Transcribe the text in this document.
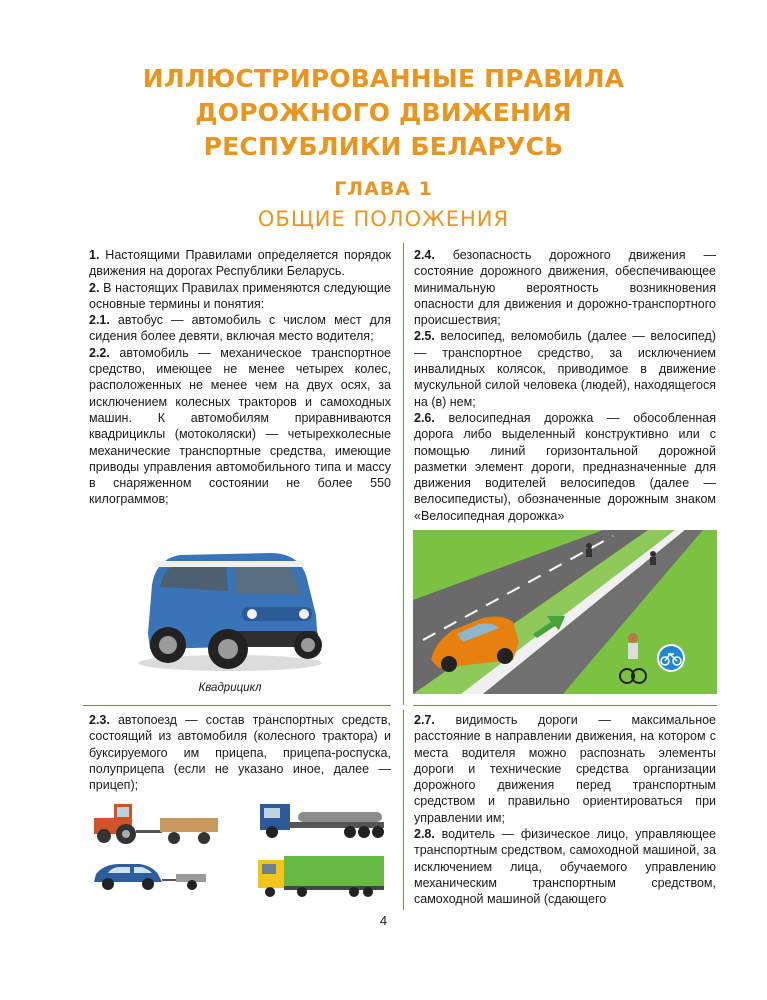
ИЛЛЮСТРИРОВАННЫЕ ПРАВИЛА
ДОРОЖНОГО ДВИЖЕНИЯ
РЕСПУБЛИКИ БЕЛАРУСЬ
ГЛАВА 1
ОБЩИЕ ПОЛОЖЕНИЯ

1. Настоящими Правилами определяется порядок движения на дорогах Республики Беларусь.

2. В настоящих Правилах применяются следующие основные термины и понятия:

2.1. автобус — автомобиль с числом мест для сидения более девяти, включая место водителя;

2.2. автомобиль — механическое транспортное средство, имеющее не менее четырех колес, расположенных не менее чем на двух осях, за исключением колесных тракторов и самоходных машин. К автомобилям приравниваются квадрициклы (мотоколяски) — четырехколесные механические транспортные средства, имеющие приводы управления автомобильного типа и массу в снаряженном состоянии не более 550 килограммов;

Квадрицикл

2.3. автопоезд — состав транспортных средств, состоящий из автомобиля (колесного трактора) и буксируемого им прицепа, прицепа-роспуска, полуприцепа (если не указано иное, далее — прицеп);

2.4. безопасность дорожного движения — состояние дорожного движения, обеспечивающее минимальную вероятность возникновения опасности для движения и дорожно-транспортного происшествия;

2.5. велосипед, веломобиль (далее — велосипед) — транспортное средство, за исключением инвалидных колясок, приводимое в движение мускульной силой человека (людей), находящегося на (в) нем;

2.6. велосипедная дорожка — обособленная дорога либо выделенный конструктивно или с помощью линий горизонтальной дорожной разметки элемент дороги, предназначенные для движения водителей велосипедов (далее — велосипедисты), обозначенные дорожным знаком «Велосипедная дорожка»

2.7. видимость дороги — максимальное расстояние в направлении движения, на котором с места водителя можно распознать элементы дороги и технические средства организации дорожного движения перед транспортным средством и правильно ориентироваться при управлении им;

2.8. водитель — физическое лицо, управляющее транспортным средством, самоходной машиной, за исключением лица, обучаемого управлению механическим транспортным средством, самоходной машиной (сдающего

4
